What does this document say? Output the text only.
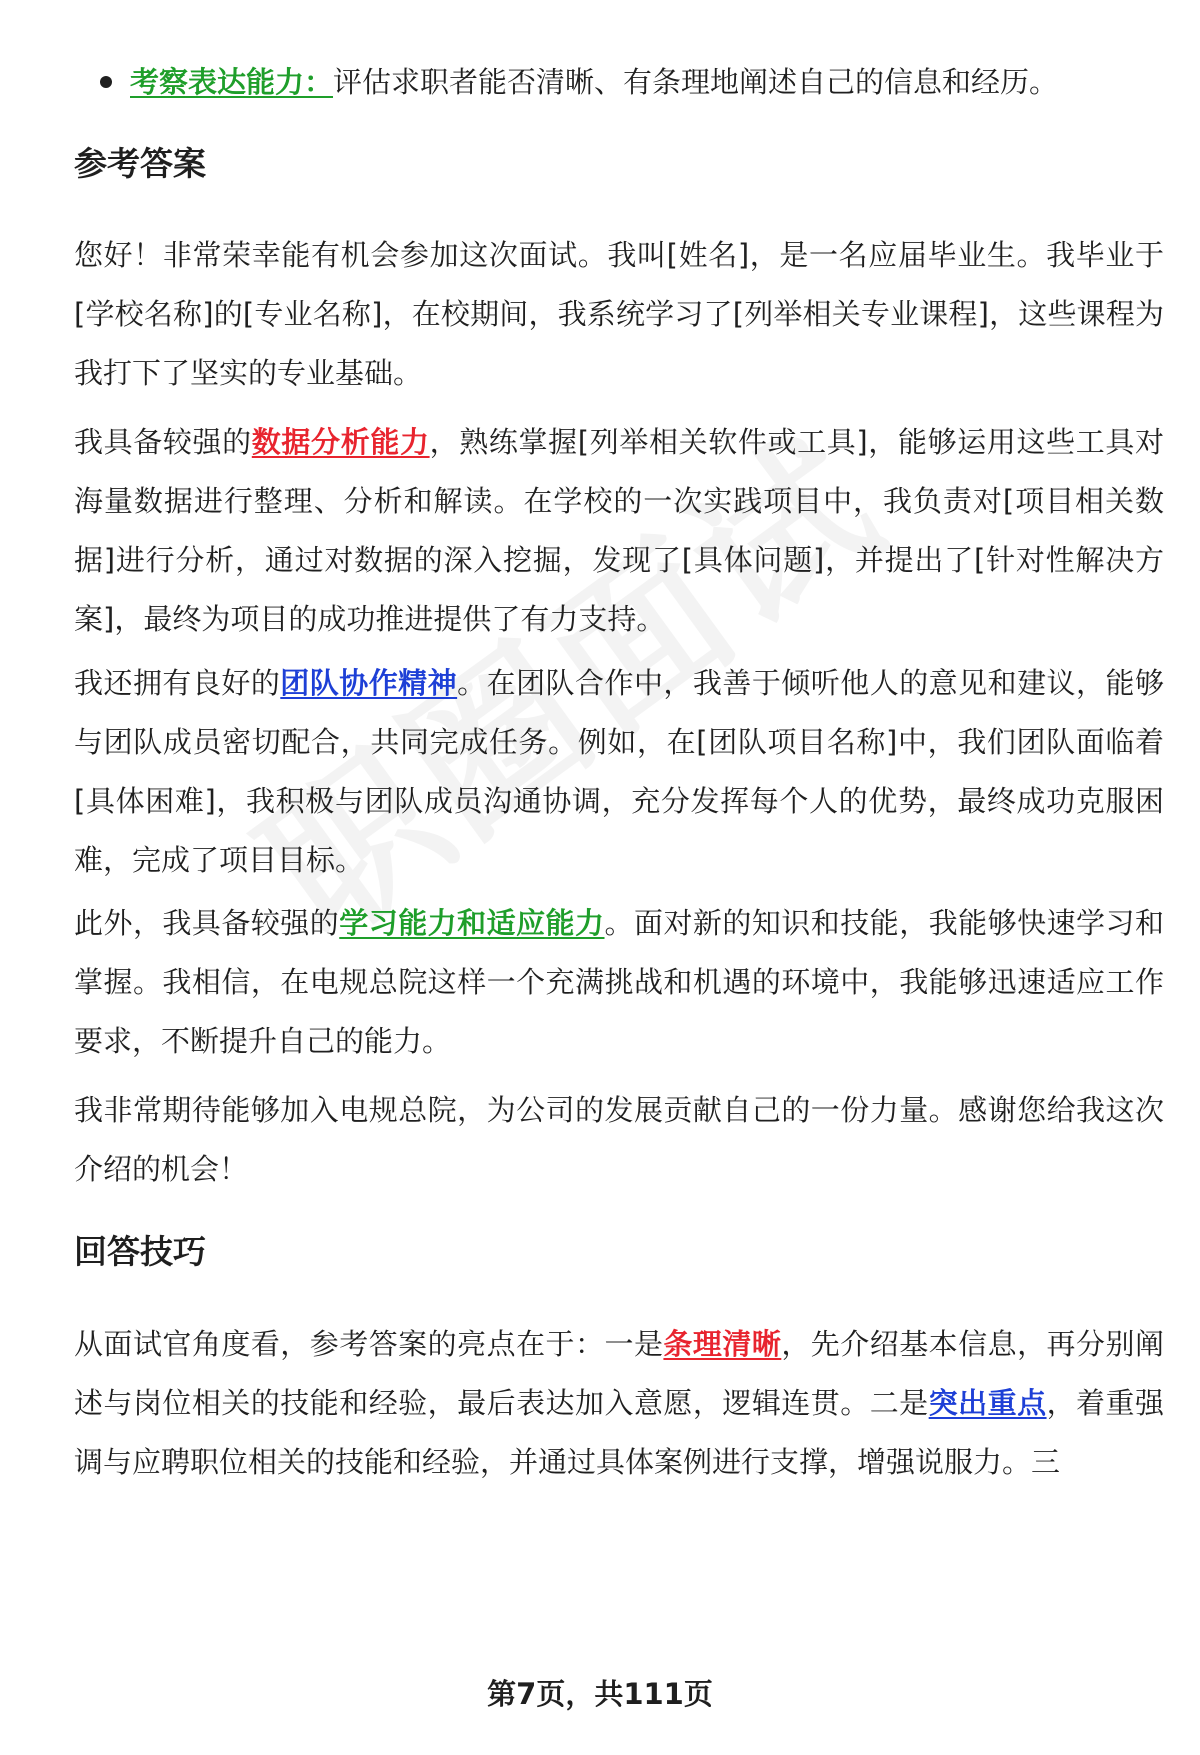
考察表达能力：评估求职者能否清晰、有条理地阐述自己的信息和经历。
参考答案

您好！非常荣幸能有机会参加这次面试。我叫[姓名]，是一名应届毕业生。我毕业于[学校名称]的[专业名称]，在校期间，我系统学习了[列举相关专业课程]，这些课程为我打下了坚实的专业基础。

我具备较强的数据分析能力，熟练掌握[列举相关软件或工具]，能够运用这些工具对海量数据进行整理、分析和解读。在学校的一次实践项目中，我负责对[项目相关数据]进行分析，通过对数据的深入挖掘，发现了[具体问题]，并提出了[针对性解决方案]，最终为项目的成功推进提供了有力支持。

我还拥有良好的团队协作精神。在团队合作中，我善于倾听他人的意见和建议，能够与团队成员密切配合，共同完成任务。例如，在[团队项目名称]中，我们团队面临着[具体困难]，我积极与团队成员沟通协调，充分发挥每个人的优势，最终成功克服困难，完成了项目目标。

此外，我具备较强的学习能力和适应能力。面对新的知识和技能，我能够快速学习和掌握。我相信，在电规总院这样一个充满挑战和机遇的环境中，我能够迅速适应工作要求，不断提升自己的能力。

我非常期待能够加入电规总院，为公司的发展贡献自己的一份力量。感谢您给我这次介绍的机会！

回答技巧

从面试官角度看，参考答案的亮点在于：一是条理清晰，先介绍基本信息，再分别阐述与岗位相关的技能和经验，最后表达加入意愿，逻辑连贯。二是突出重点，着重强调与应聘职位相关的技能和经验，并通过具体案例进行支撑，增强说服力。三

第7页，共111页
